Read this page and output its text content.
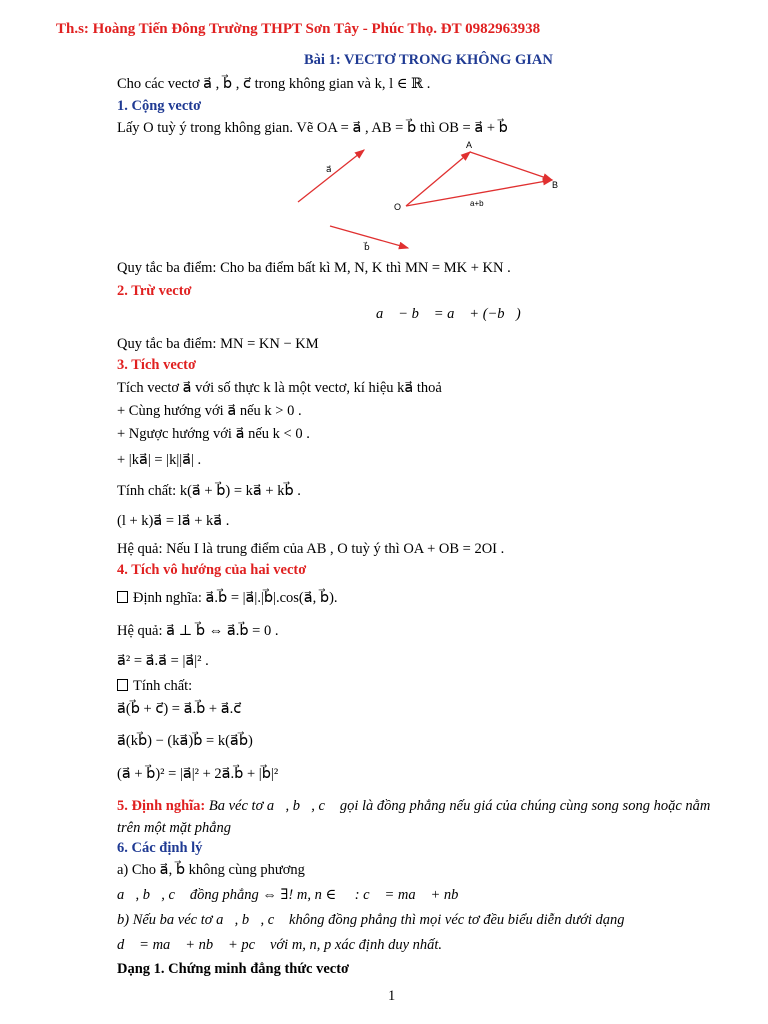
Th.s: Hoàng Tiến Đông Trường THPT Sơn Tây - Phúc Thọ. ĐT 0982963938
Bài 1: VECTƠ TRONG KHÔNG GIAN
Cho các vectơ a⃗ , b⃗ , c⃗ trong không gian và k, l ∈ ℝ .
1. Cộng vectơ
Lấy O tuỳ ý trong không gian. Vẽ OA = a⃗ , AB = b⃗ thì OB = a⃗ + b⃗
a⃗
b⃗
O
A
B
a+b
Quy tắc ba điểm: Cho ba điểm bất kì M, N, K thì MN = MK + KN .
2. Trừ vectơ
a⃗ − b⃗ = a⃗ + (−b⃗)
Quy tắc ba điểm: MN = KN − KM
3. Tích vectơ
Tích vectơ a⃗ với số thực k là một vectơ, kí hiệu ka⃗ thoả
+ Cùng hướng với a⃗ nếu k > 0 .
+ Ngược hướng với a⃗ nếu k < 0 .
+ |ka⃗| = |k||a⃗| .
Tính chất: k(a⃗ + b⃗) = ka⃗ + kb⃗ .
(l + k)a⃗ = la⃗ + ka⃗ .
Hệ quả: Nếu I là trung điểm của AB , O tuỳ ý thì OA + OB = 2OI .
4. Tích vô hướng của hai vectơ
Định nghĩa: a⃗.b⃗ = |a⃗|.|b⃗|.cos(a⃗, b⃗).
Hệ quả: a⃗ ⊥ b⃗ ⇔ a⃗.b⃗ = 0 .
a⃗² = a⃗.a⃗ = |a⃗|² .
Tính chất:
a⃗(b⃗ + c⃗) = a⃗.b⃗ + a⃗.c⃗
a⃗(kb⃗) − (ka⃗)b⃗ = k(a⃗b⃗)
(a⃗ + b⃗)² = |a⃗|² + 2a⃗.b⃗ + |b⃗|²
5. Định nghĩa: Ba véc tơ a⃗, b⃗, c⃗ gọi là đồng phẳng nếu giá của chúng cùng song song hoặc nằm
trên một mặt phẳng
6. Các định lý
a) Cho a⃗, b⃗ không cùng phương
a⃗, b⃗, c⃗ đồng phẳng ⇔ ∃! m, n ∈ ℝ : c⃗ = ma⃗ + nb⃗
b) Nếu ba véc tơ a⃗, b⃗, c⃗ không đồng phẳng thì mọi véc tơ đều biểu diễn dưới dạng
d⃗ = ma⃗ + nb⃗ + pc⃗ với m, n, p xác định duy nhất.
Dạng 1. Chứng minh đẳng thức vectơ
1
